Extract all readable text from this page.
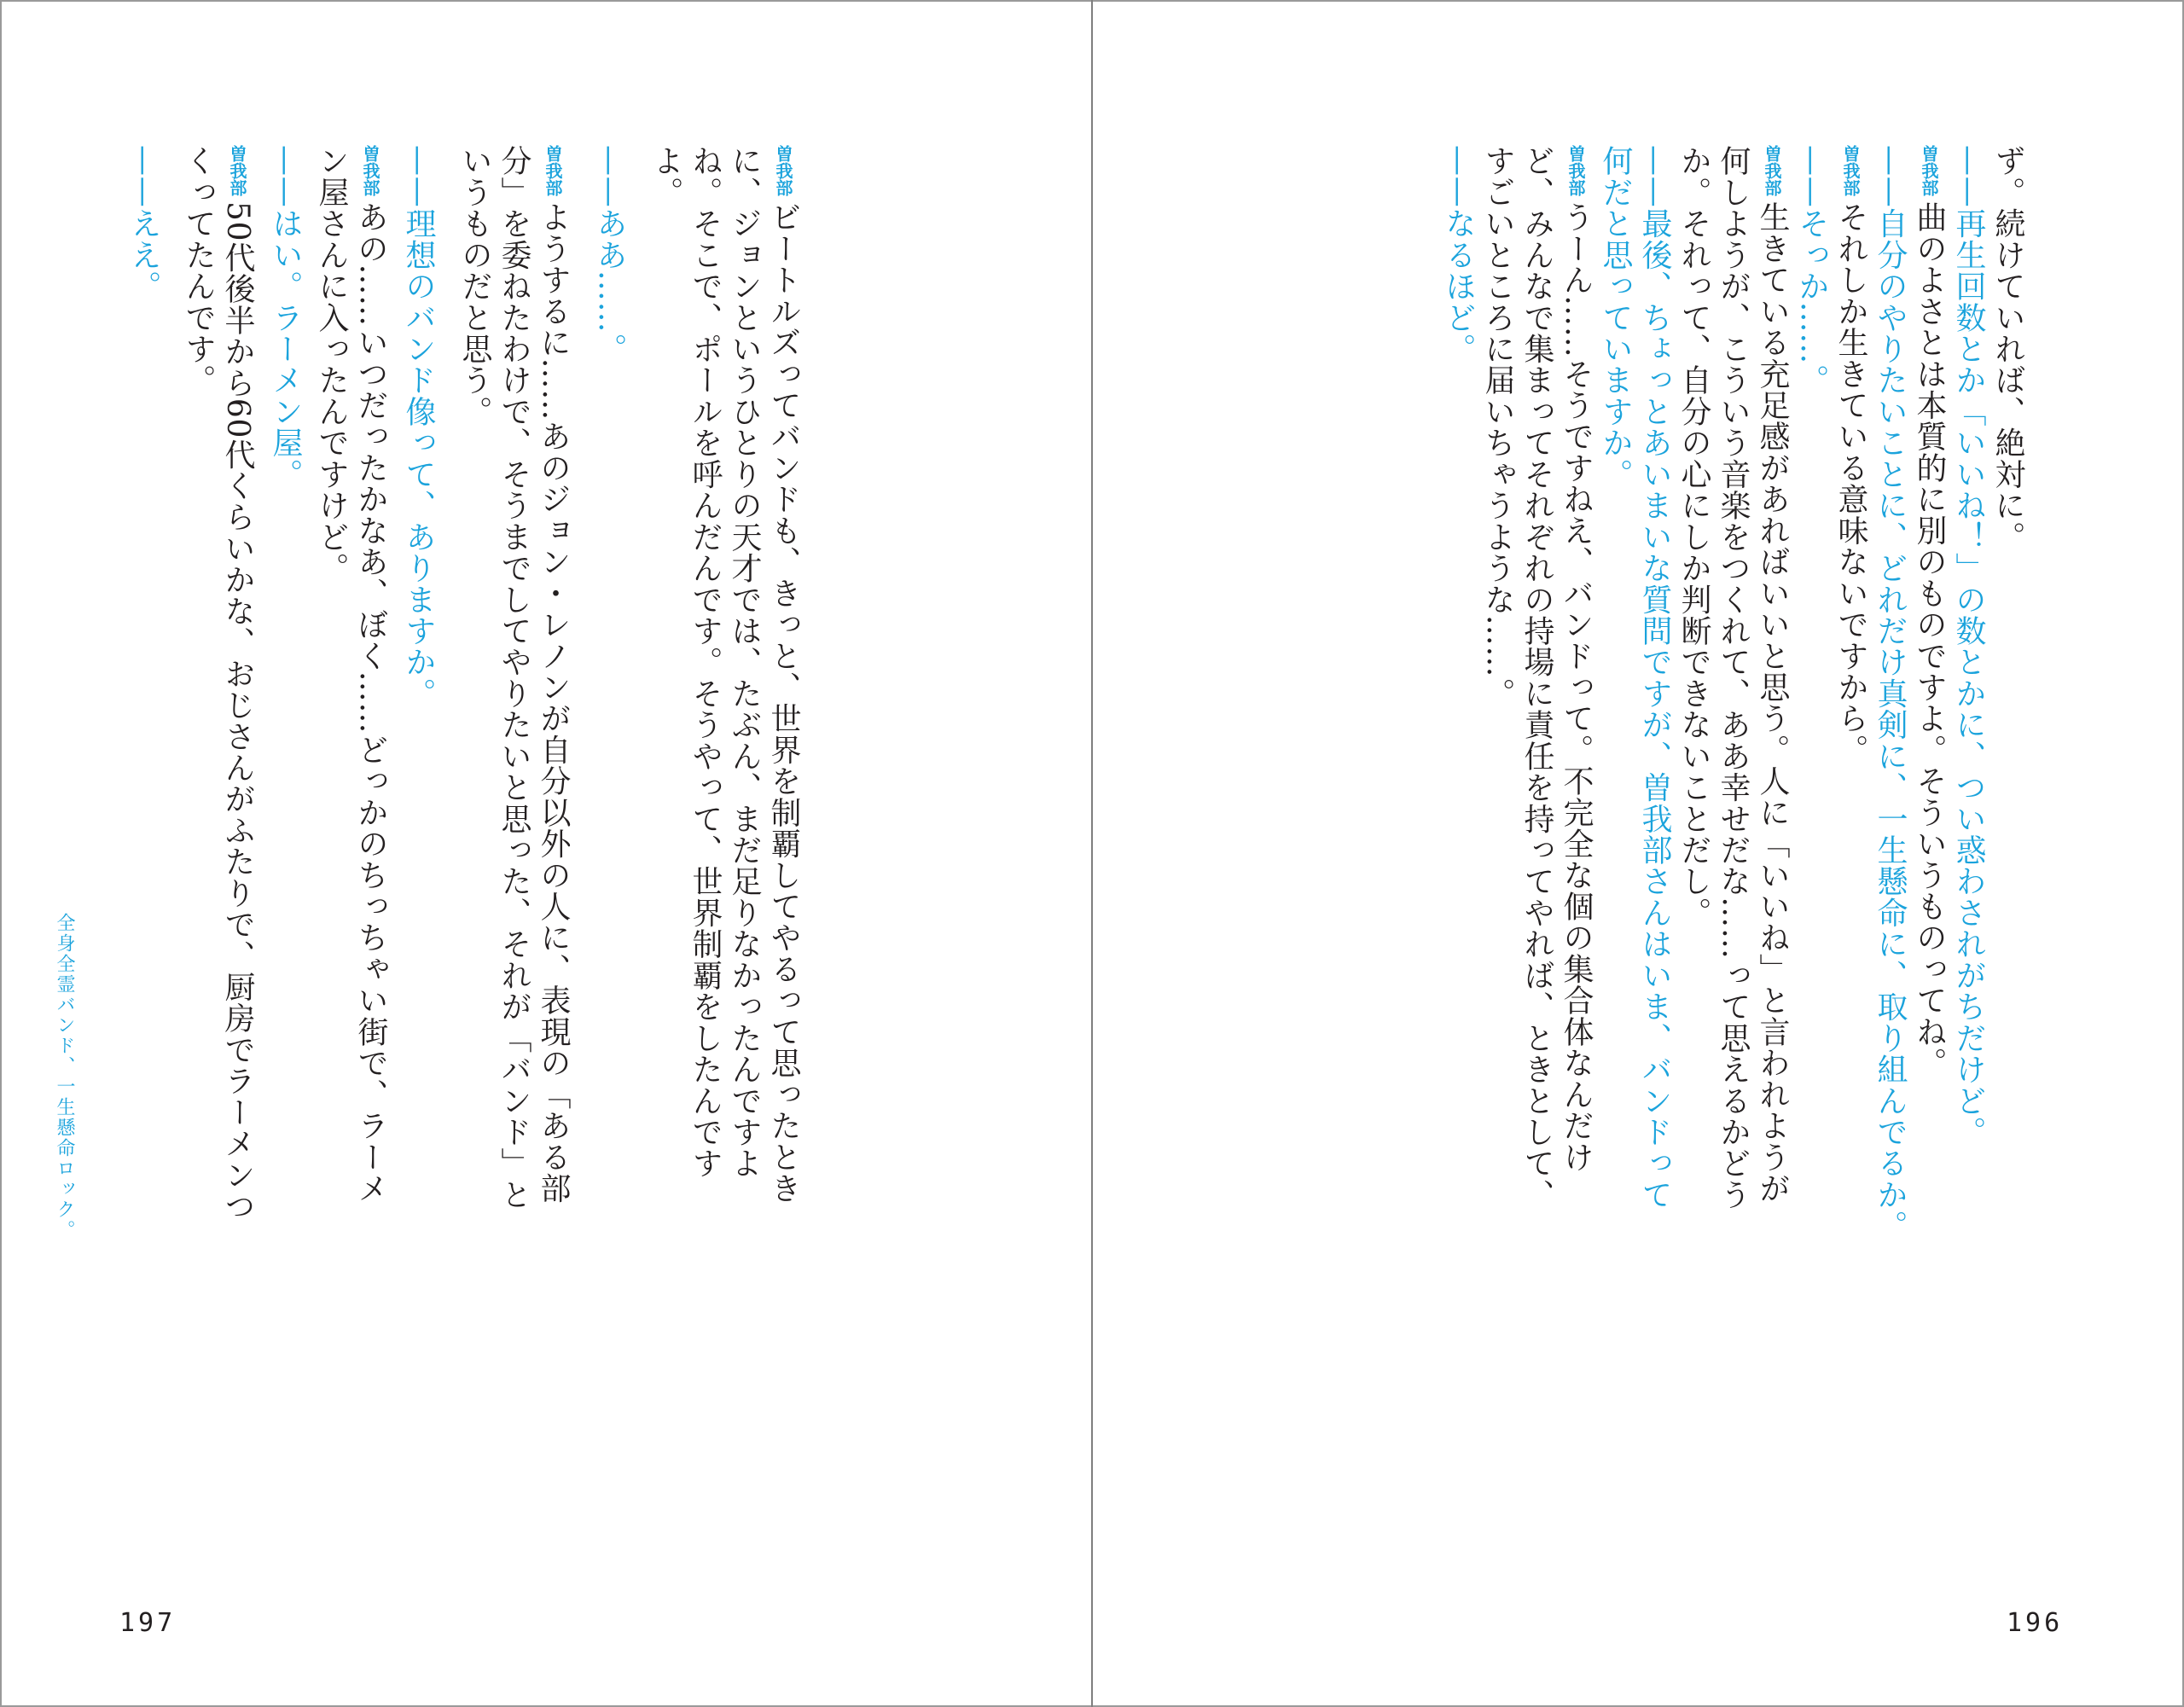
ず。続けていれば、絶対に。
——再生回数とか「いいね！」の数とかに、つい惑わされがちだけど。
曽我部曲のよさとは本質的に別のものですよ。そういうものってね。
——自分のやりたいことに、どれだけ真剣に、一生懸命に、取り組んでるか。
曽我部それしか生きている意味ないですから。
——そっか……。
曽我部生きている充足感があればいいと思う。人に「いいね」と言われようが
何しようが、こういう音楽をつくれて、ああ幸せだな……って思えるかどう
か。それって、自分の心にしか判断できないことだし。
——最後、ちょっとあいまいな質問ですが、曽我部さんはいま、バンドって
何だと思っていますか。
曽我部うーん……そうですねえ、バンドって。不完全な個の集合体なんだけ
ど、みんなで集まってそれぞれの持場に責任を持ってやれば、ときとして、
すごいところに届いちゃうような……。
——なるほど。
曽我部ビートルズってバンドも、きっと、世界を制覇してやるって思ったとき
に、ジョンというひとりの天才では、たぶん、まだ足りなかったんですよ
ね。そこで、ポールを呼んだんです。そうやって、世界制覇をしたんです
よ。
——ああ……。
曽我部ようするに……あのジョン・レノンが自分以外の人に、表現の「ある部
分」を委ねたわけで、そうまでしてやりたいと思った、それが「バンド」と
いうものだと思う。
——理想のバンド像って、ありますか。
曽我部あの……いつだったかなあ、ぼく……どっかのちっちゃい街で、ラーメ
ン屋さんに入ったんですけど。
——はい。ラーメン屋。
曽我部50代後半から60代くらいかな、おじさんがふたりで、厨房でラーメンつ
くってたんです。
——ええ。
全身全霊バンド、一生懸命ロック。
197	196
